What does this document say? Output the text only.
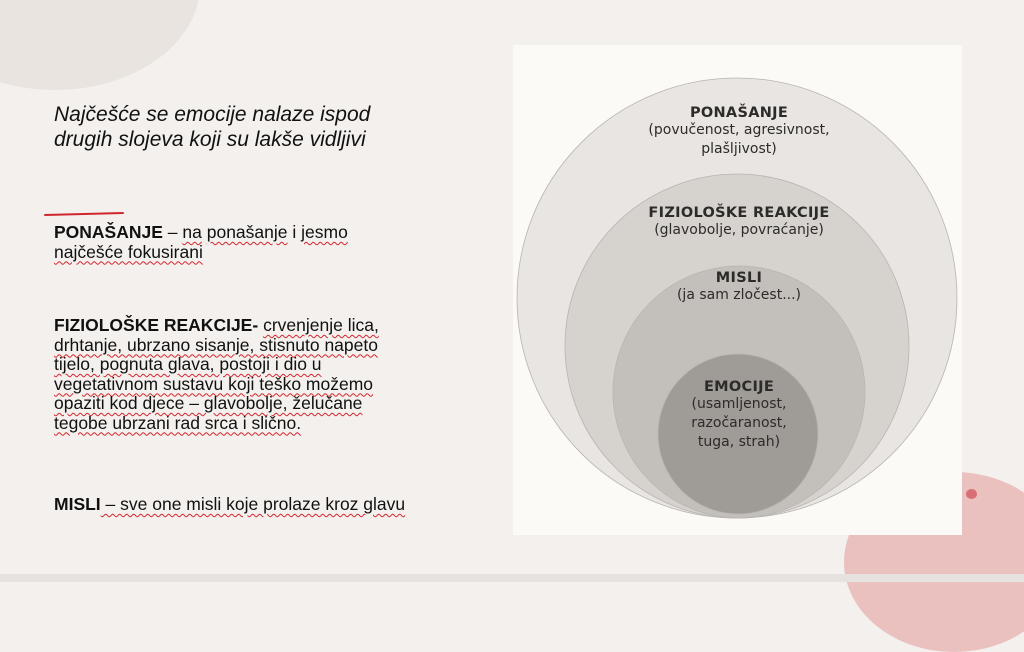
Najčešće se emocije nalaze ispod
drugih slojeva koji su lakše vidljivi
PONAŠANJE – na ponašanje i jesmo
najčešće fokusirani
FIZIOLOŠKE REAKCIJE- crvenjenje lica,
drhtanje, ubrzano sisanje, stisnuto napeto
tijelo, pognuta glava, postoji i dio u
vegetativnom sustavu koji teško možemo
opaziti kod djece – glavobolje, želučane
tegobe ubrzani rad srca i slično.
MISLI – sve one misli koje prolaze kroz glavu
PONAŠANJE
(povučenost, agresivnost,
plašljivost)
FIZIOLOŠKE REAKCIJE
(glavobolje, povraćanje)
MISLI
(ja sam zločest...)
EMOCIJE
(usamljenost,
razočaranost,
tuga, strah)
